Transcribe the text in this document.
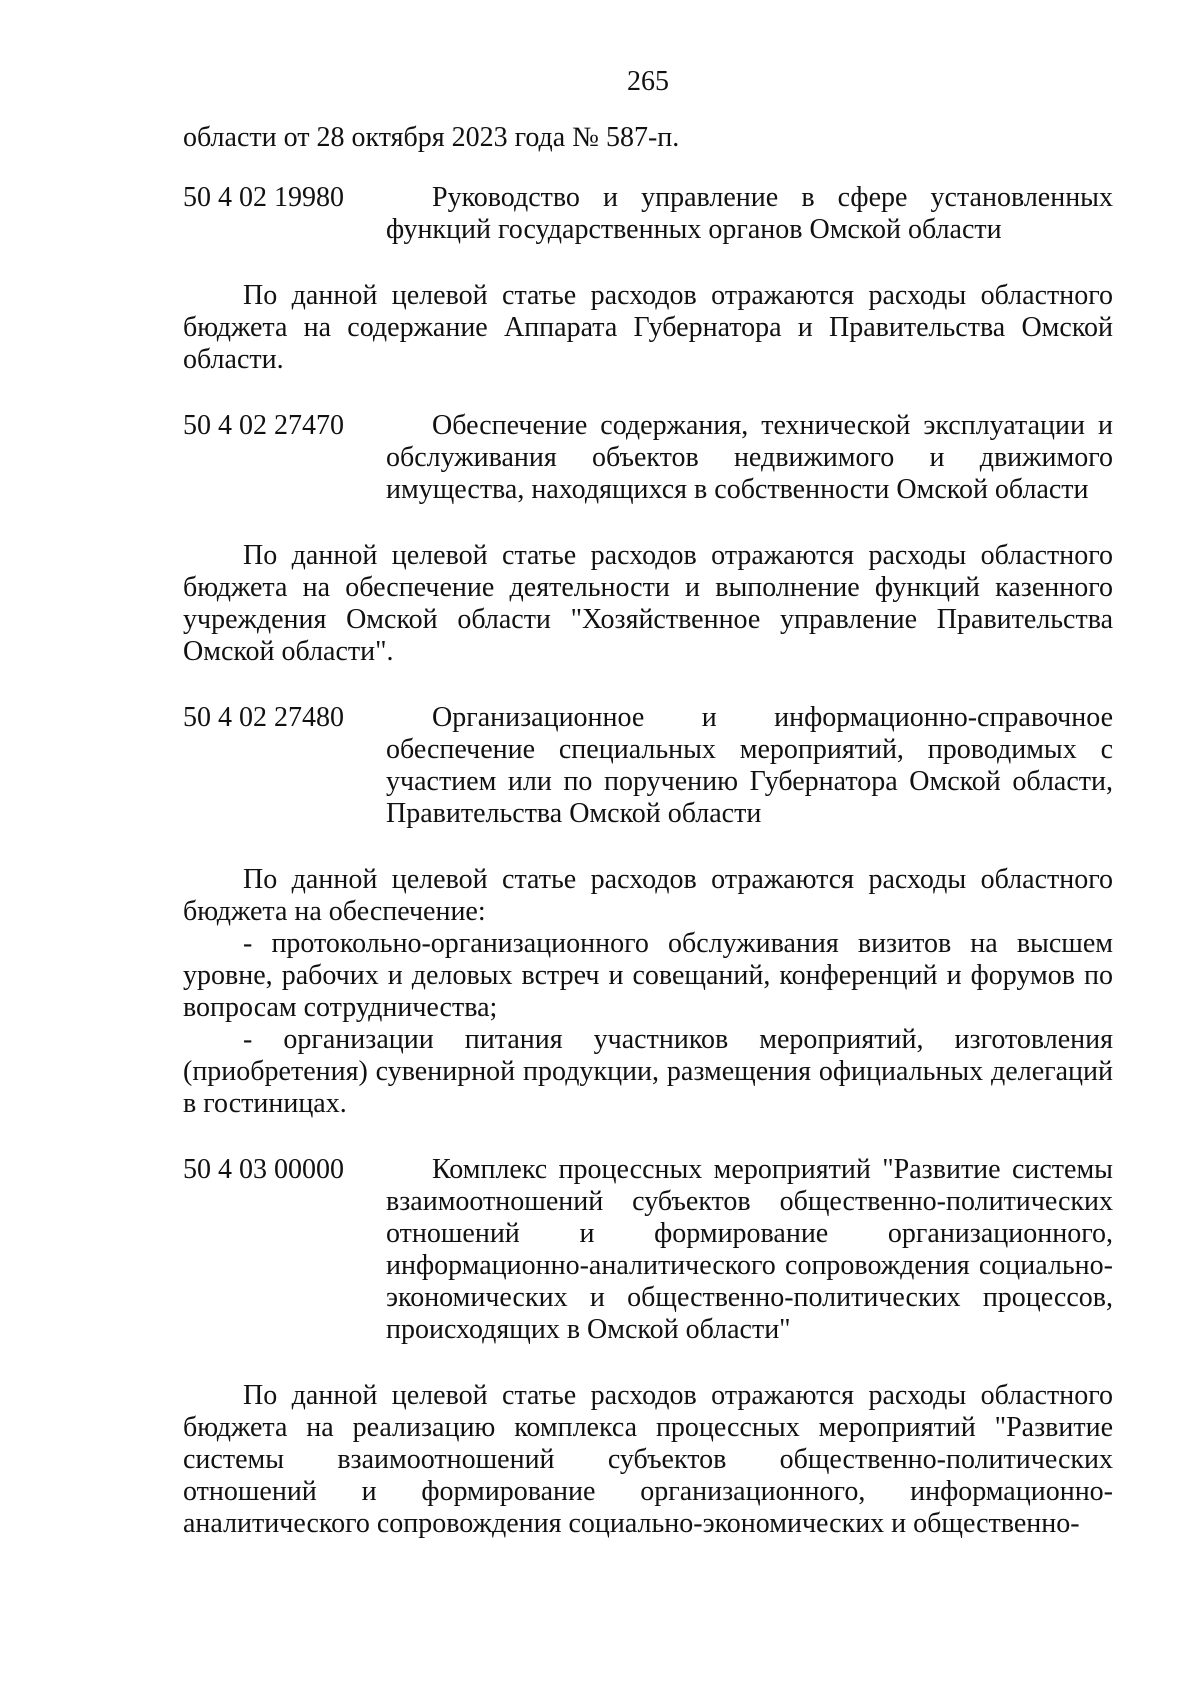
265
области от 28 октября 2023 года № 587-п.
50 4 02 19980	Руководство и управление в сфере установленных функций государственных органов Омской области

По данной целевой статье расходов отражаются расходы областного бюджета на содержание Аппарата Губернатора и Правительства Омской области.

50 4 02 27470	Обеспечение содержания, технической эксплуатации и обслуживания объектов недвижимого и движимого имущества, находящихся в собственности Омской области

По данной целевой статье расходов отражаются расходы областного бюджета на обеспечение деятельности и выполнение функций казенного учреждения Омской области "Хозяйственное управление Правительства Омской области".

50 4 02 27480	Организационное и информационно-справочное обеспечение специальных мероприятий, проводимых с участием или по поручению Губернатора Омской области, Правительства Омской области

По данной целевой статье расходов отражаются расходы областного бюджета на обеспечение:

- протокольно-организационного обслуживания визитов на высшем уровне, рабочих и деловых встреч и совещаний, конференций и форумов по вопросам сотрудничества;

- организации питания участников мероприятий, изготовления (приобретения) сувенирной продукции, размещения официальных делегаций в гостиницах.

50 4 03 00000	Комплекс процессных мероприятий "Развитие системы взаимоотношений субъектов общественно-политических отношений и формирование организационного, информационно-аналитического сопровождения социально-экономических и общественно-политических процессов, происходящих в Омской области"

По данной целевой статье расходов отражаются расходы областного бюджета на реализацию комплекса процессных мероприятий "Развитие системы взаимоотношений субъектов общественно-политических отношений и формирование организационного, информационно-аналитического сопровождения социально-экономических и общественно-
